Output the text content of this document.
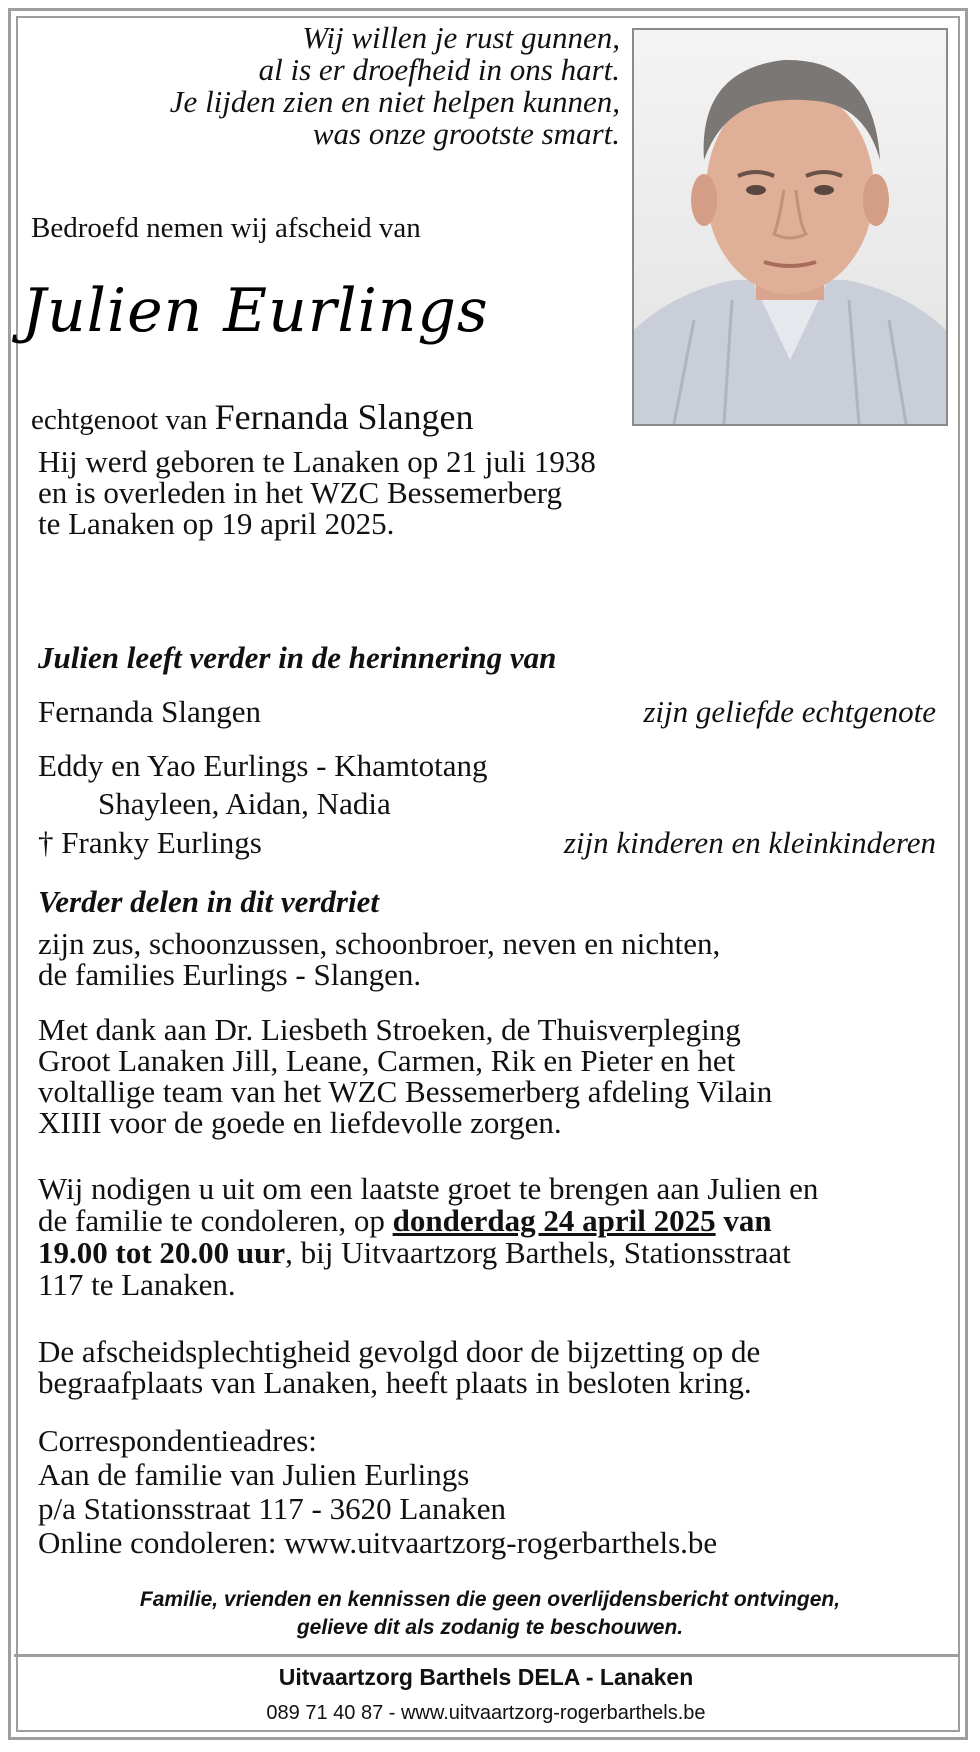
Wij willen je rust gunnen,
al is er droefheid in ons hart.
Je lijden zien en niet helpen kunnen,
was onze grootste smart.
Bedroefd nemen wij afscheid van
Julien Eurlings
echtgenoot van Fernanda Slangen
Hij werd geboren te Lanaken op 21 juli 1938
en is overleden in het WZC Bessemerberg
te Lanaken op 19 april 2025.
Julien leeft verder in de herinnering van
Fernanda Slangen	zijn geliefde echtgenote
Eddy en Yao Eurlings - Khamtotang
Shayleen, Aidan, Nadia
† Franky Eurlings	zijn kinderen en kleinkinderen
Verder delen in dit verdriet
zijn zus, schoonzussen, schoonbroer, neven en nichten,
de families Eurlings - Slangen.
Met dank aan Dr. Liesbeth Stroeken, de Thuisverpleging
Groot Lanaken Jill, Leane, Carmen, Rik en Pieter en het
voltallige team van het WZC Bessemerberg afdeling Vilain
XIIII voor de goede en liefdevolle zorgen.
Wij nodigen u uit om een laatste groet te brengen aan Julien en
de familie te condoleren, op donderdag 24 april 2025 van
19.00 tot 20.00 uur, bij Uitvaartzorg Barthels, Stationsstraat
117 te Lanaken.
De afscheidsplechtigheid gevolgd door de bijzetting op de
begraafplaats van Lanaken, heeft plaats in besloten kring.
Correspondentieadres:
Aan de familie van Julien Eurlings
p/a Stationsstraat 117 - 3620 Lanaken
Online condoleren: www.uitvaartzorg-rogerbarthels.be
Familie, vrienden en kennissen die geen overlijdensbericht ontvingen,
gelieve dit als zodanig te beschouwen.
Uitvaartzorg Barthels DELA - Lanaken
089 71 40 87 - www.uitvaartzorg-rogerbarthels.be
